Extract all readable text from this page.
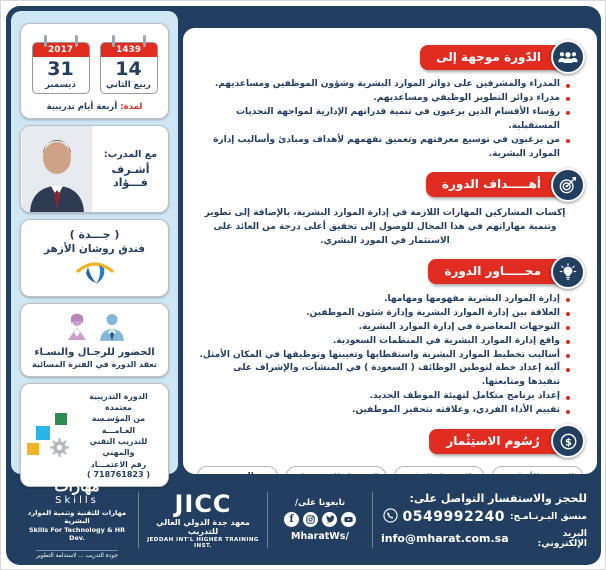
1439
14
ربيع الثاني
2017
31
ديسمبر
لمدة: أربعة أيام تدريبية
مع المدرب:
أشـرف فـــؤاد
( جـــدة )
فندق روشان الأزهر
الحضور للرجـال والنسـاء
تعقد الدورة في الفترة المسائية
الدورة التدريبية معتمدة
من المؤسـسة العـامـــة
للتدريب التقني والمهني
رقم الاعتمـــاد
( 718761823 )
الدّورة موجهة إلى
المدراء والمشرفين على دوائر الموارد البشرية وشؤون الموظفين ومساعديهم.
مدراء دوائر التطوير الوظيفي ومساعديهم.
رؤساء الأقسام الذين يرغبون في تنمية قدراتهم الإدارية لمواجهة التحديات المستقبلية.
من يرغبون في توسيع معرفتهم وتعميق تفهمهم لأهداف ومبادئ وأساليب إدارة الموارد البشرية.
أهـــــداف الدورة
إكساب المشاركين المهارات اللازمة في إدارة الموارد البشرية، بالإضافة إلى تطوير وتنمية مهاراتهم في هذا المجال للوصول إلى تحقيق أعلى درجة من العائد على الاستثمار في المورد البشري.
محـــــاور الدورة
إدارة الموارد البشرية مفهومها ومهامها.
العلاقة بين إدارة الموارد البشرية وإدارة شئون الموظفين.
التوجهات المعاصرة في إدارة الموارد البشرية.
واقع إدارة الموارد البشرية في المنظمات السعودية.
أساليب تخطيط الموارد البشرية واستقطابها وتعيينها وتوظيفها في المكان الأمثل.
آلية إعداد خطة لتوطين الوظائف ( السعودة ) في المنشآت، والإشراف على تنفيذها ومتابعتها.
إعداد برنامج متكامل لتهيئة الموظف الجديد.
تقييم الأداء الفردي، وعلاقته بتحفيز الموظفين.
$
رُسُوم الاستِثْمار
للحجز والاستفسار التواصل على:
منسق البـرنـامـج:
0549992240
البريد الإلكتروني:
info@mharat.com.sa
تابعونا على/
f
/MharatWs
JICC
معهد جدة الدولي العالي للتدريب
JEDDAH INT'L HIGHER TRAINING INST.
مَهارات
Skills
مهارات للتقنية وتنمية الموارد البشرية
Skills For Technology & HR Dev.
جودة التدريب ... لاستدامة التطوير
